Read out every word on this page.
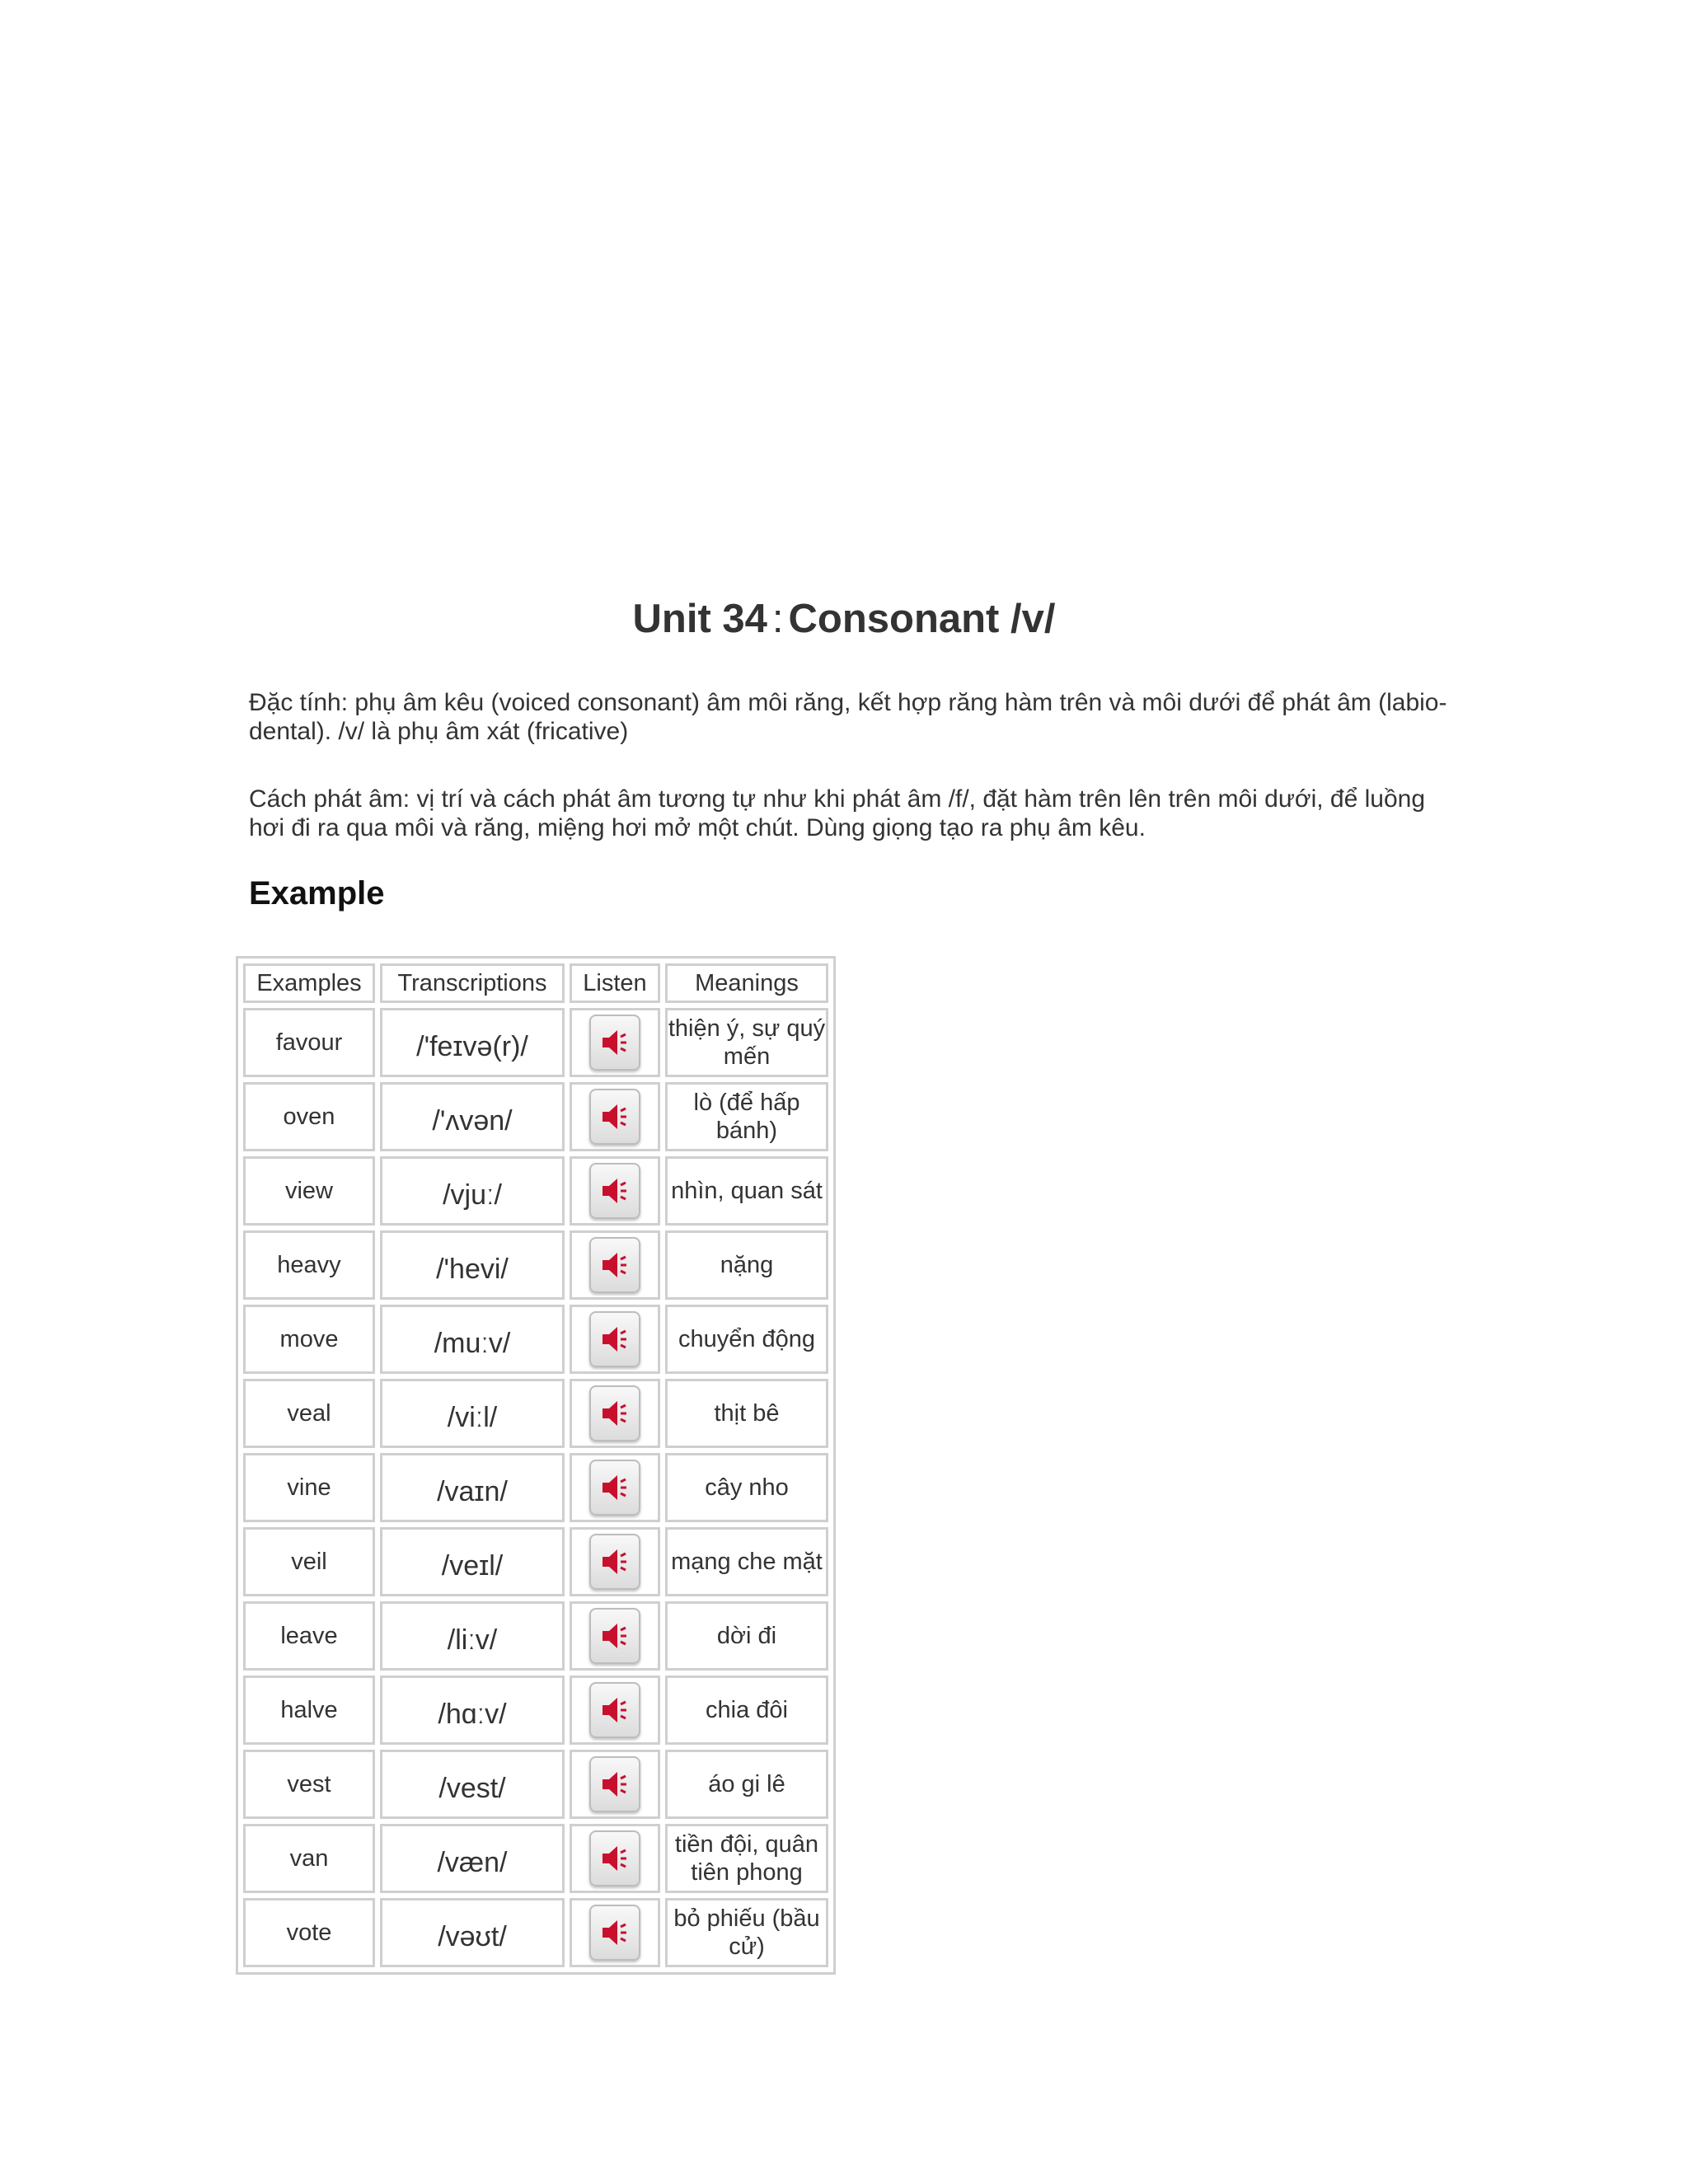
Unit 34 : Consonant /v/

Đặc tính: phụ âm kêu (voiced consonant) âm môi răng, kết hợp răng hàm trên và môi dưới để phát âm (labio-dental). /v/ là phụ âm xát (fricative)

Cách phát âm: vị trí và cách phát âm tương tự như khi phát âm /f/, đặt hàm trên lên trên môi dưới, để luồng hơi đi ra qua môi và răng, miệng hơi mở một chút. Dùng giọng tạo ra phụ âm kêu.

Example
Examples	Transcriptions	Listen	Meanings
favour	/'feɪvə(r)/		thiện ý, sự quý mến
oven	/'ʌvən/		lò (để hấp bánh)
view	/vjuː/		nhìn, quan sát
heavy	/'hevi/		nặng
move	/muːv/		chuyển động
veal	/viːl/		thịt bê
vine	/vaɪn/		cây nho
veil	/veɪl/		mạng che mặt
leave	/liːv/		dời đi
halve	/hɑːv/		chia đôi
vest	/vest/		áo gi lê
van	/væn/		tiền đội, quân tiên phong
vote	/vəʊt/		bỏ phiếu (bầu cử)
